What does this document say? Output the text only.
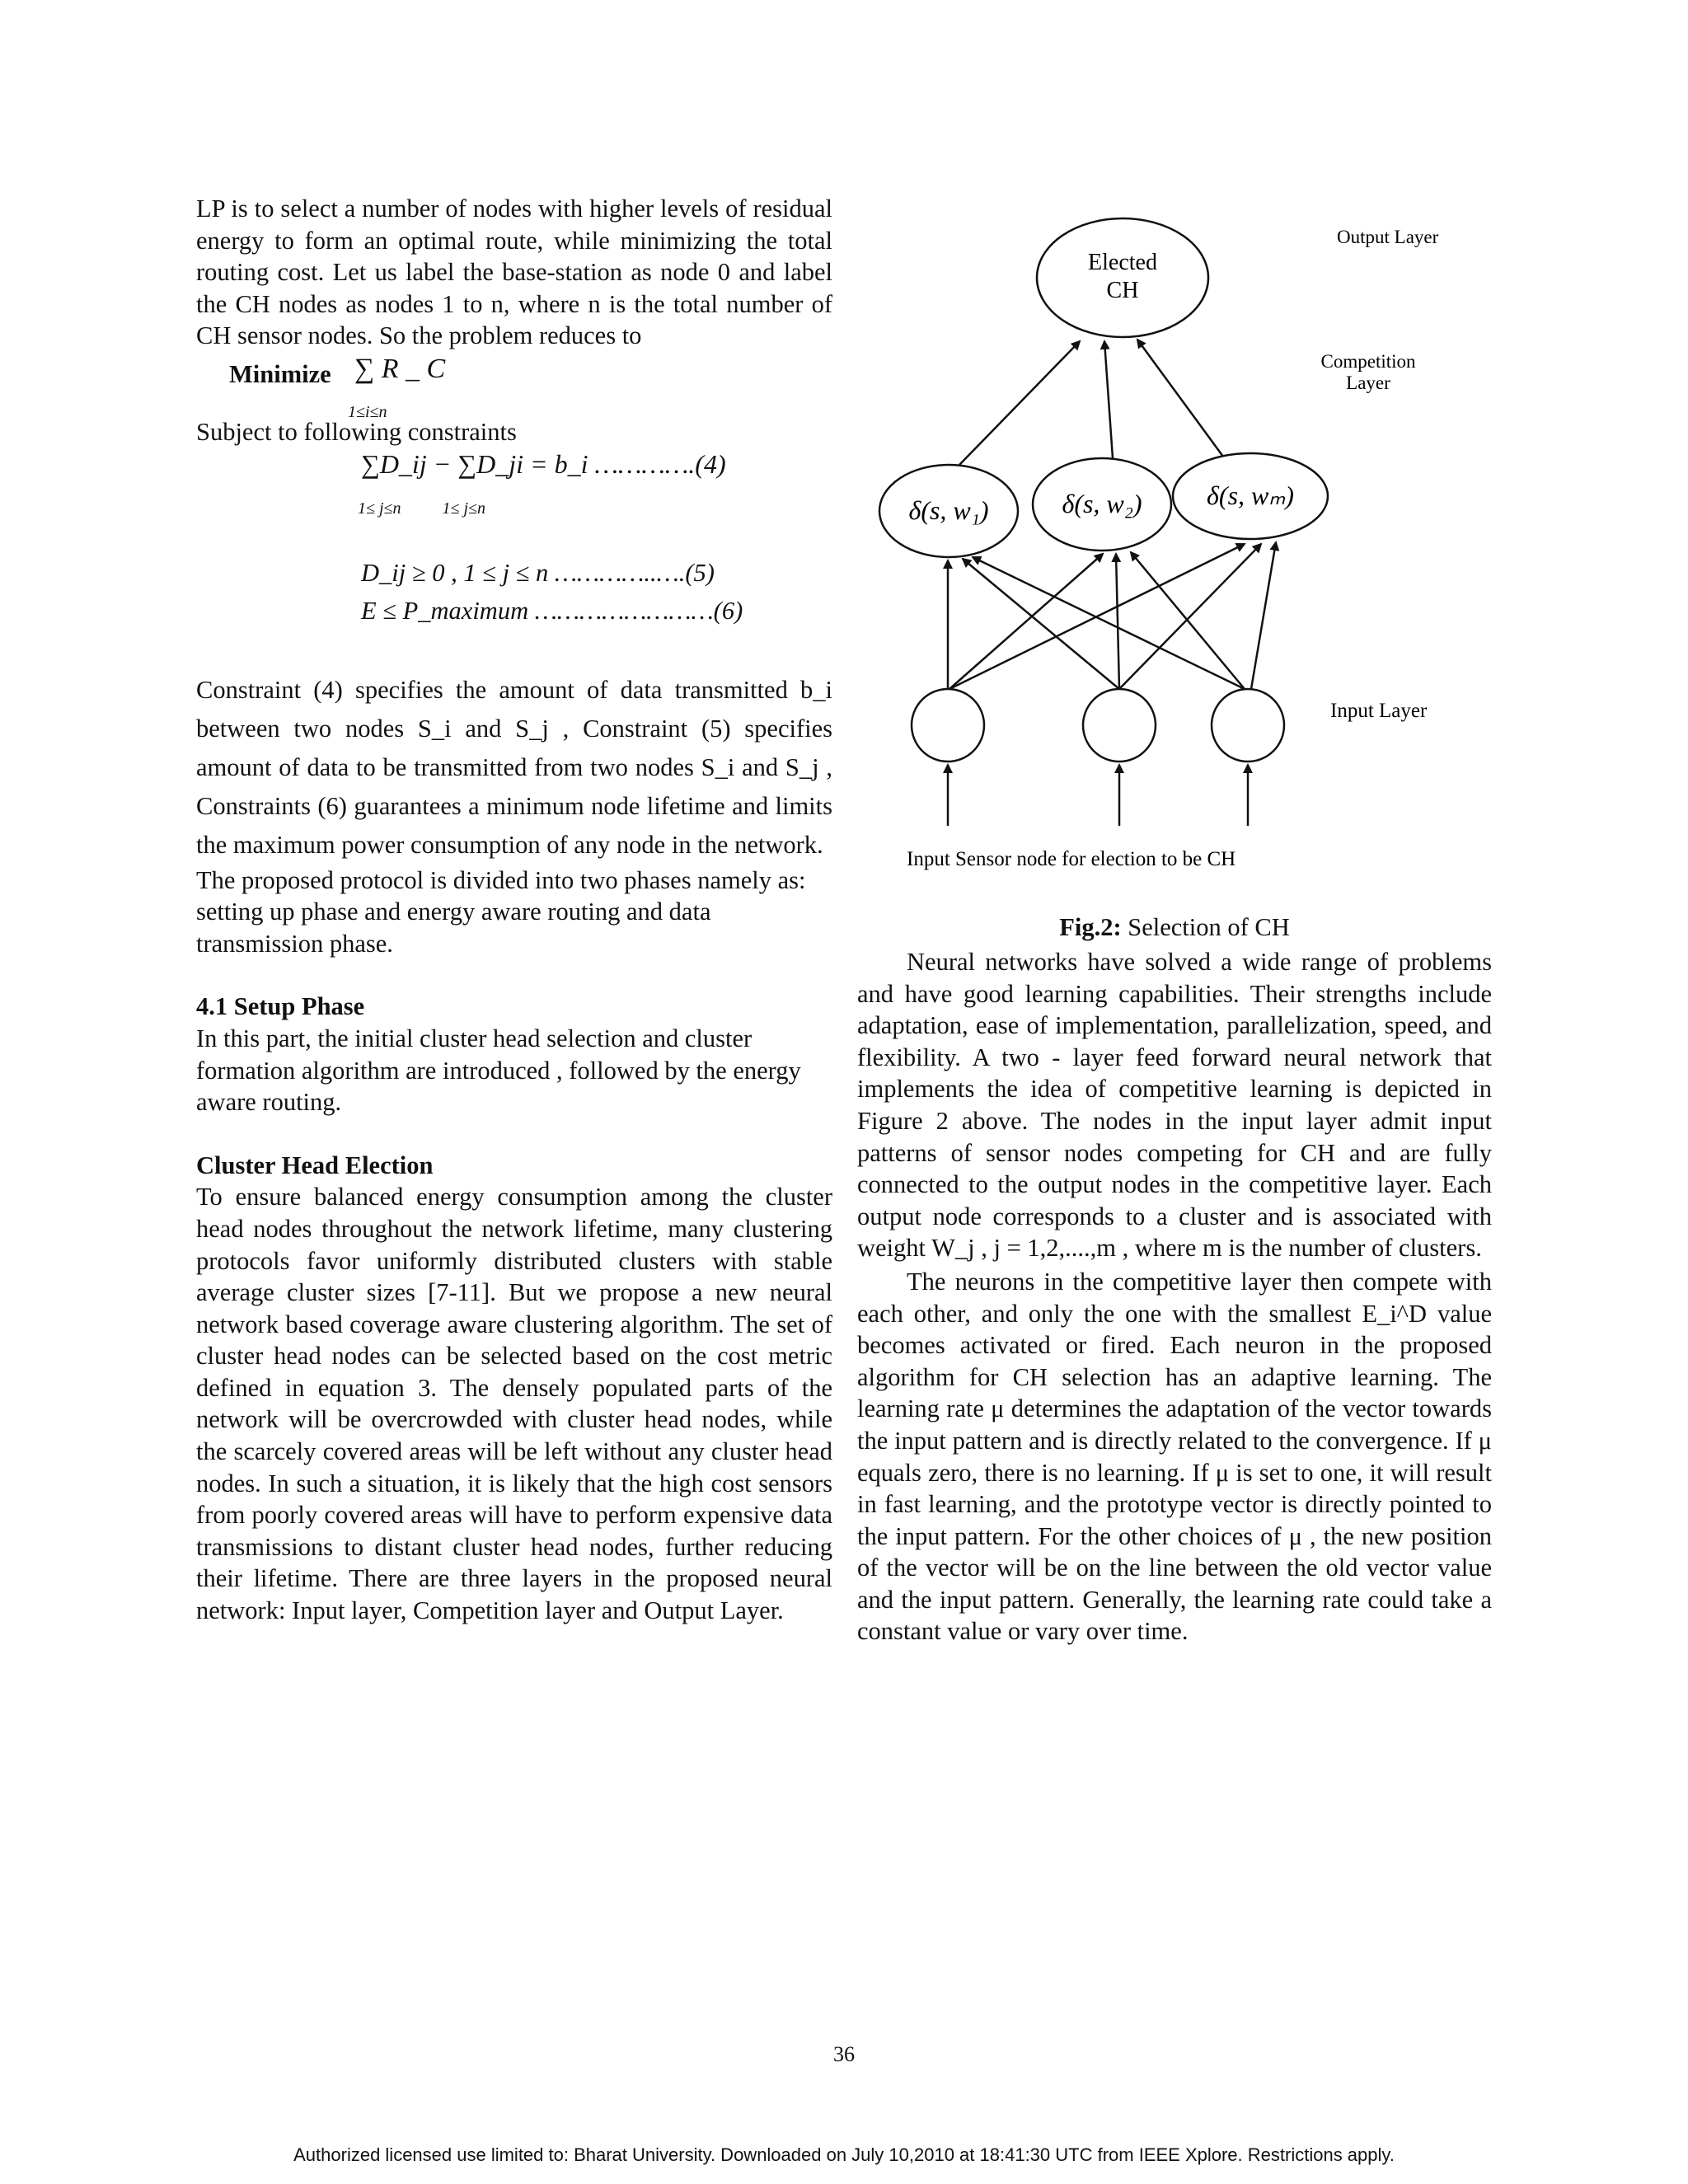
LP is to select a number of nodes with higher levels of residual energy to form an optimal route, while minimizing the total routing cost. Let us label the base-station as node 0 and label the CH nodes as nodes 1 to n, where n is the total number of CH sensor nodes. So the problem reduces to

Minimize ∑ R _ C
1≤i≤n

Subject to following constraints

∑D_ij − ∑D_ji = b_i ………….(4)
1≤ j≤n          1≤ j≤n
D_ij ≥ 0 , 1 ≤ j ≤ n …………..….(5)
E ≤ P_maximum ……………………(6)

Constraint (4) specifies the amount of data transmitted b_i between two nodes S_i and S_j , Constraint (5) specifies amount of data to be transmitted from two nodes S_i and S_j , Constraints (6) guarantees a minimum node lifetime and limits the maximum power consumption of any node in the network.

The proposed protocol is divided into two phases namely as: setting up phase and energy aware routing and data transmission phase.

4.1 Setup Phase

In this part, the initial cluster head selection and cluster formation algorithm are introduced , followed by the energy aware routing.

Cluster Head Election

To ensure balanced energy consumption among the cluster head nodes throughout the network lifetime, many clustering protocols favor uniformly distributed clusters with stable average cluster sizes [7-11]. But we propose a new neural network based coverage aware clustering algorithm. The set of cluster head nodes can be selected based on the cost metric defined in equation 3. The densely populated parts of the network will be overcrowded with cluster head nodes, while the scarcely covered areas will be left without any cluster head nodes. In such a situation, it is likely that the high cost sensors from poorly covered areas will have to perform expensive data transmissions to distant cluster head nodes, further reducing their lifetime. There are three layers in the proposed neural network: Input layer, Competition layer and Output Layer.

Elected
CH
Output Layer
Competition
Layer
Input Layer
δ(s, w₁)	δ(s, w₂) δ(s, wₘ)
Input Sensor node for election to be CH
Fig.2: Selection of CH

Neural networks have solved a wide range of problems and have good learning capabilities. Their strengths include adaptation, ease of implementation, parallelization, speed, and flexibility. A two - layer feed forward neural network that implements the idea of competitive learning is depicted in Figure 2 above. The nodes in the input layer admit input patterns of sensor nodes competing for CH and are fully connected to the output nodes in the competitive layer. Each output node corresponds to a cluster and is associated with weight W_j , j = 1,2,....,m , where m is the number of clusters.

The neurons in the competitive layer then compete with each other, and only the one with the smallest E_i^D value becomes activated or fired. Each neuron in the proposed algorithm for CH selection has an adaptive learning. The learning rate μ determines the adaptation of the vector towards the input pattern and is directly related to the convergence. If μ equals zero, there is no learning. If μ is set to one, it will result in fast learning, and the prototype vector is directly pointed to the input pattern. For the other choices of μ , the new position of the vector will be on the line between the old vector value and the input pattern. Generally, the learning rate could take a constant value or vary over time.

36
Authorized licensed use limited to: Bharat University. Downloaded on July 10,2010 at 18:41:30 UTC from IEEE Xplore. Restrictions apply.
